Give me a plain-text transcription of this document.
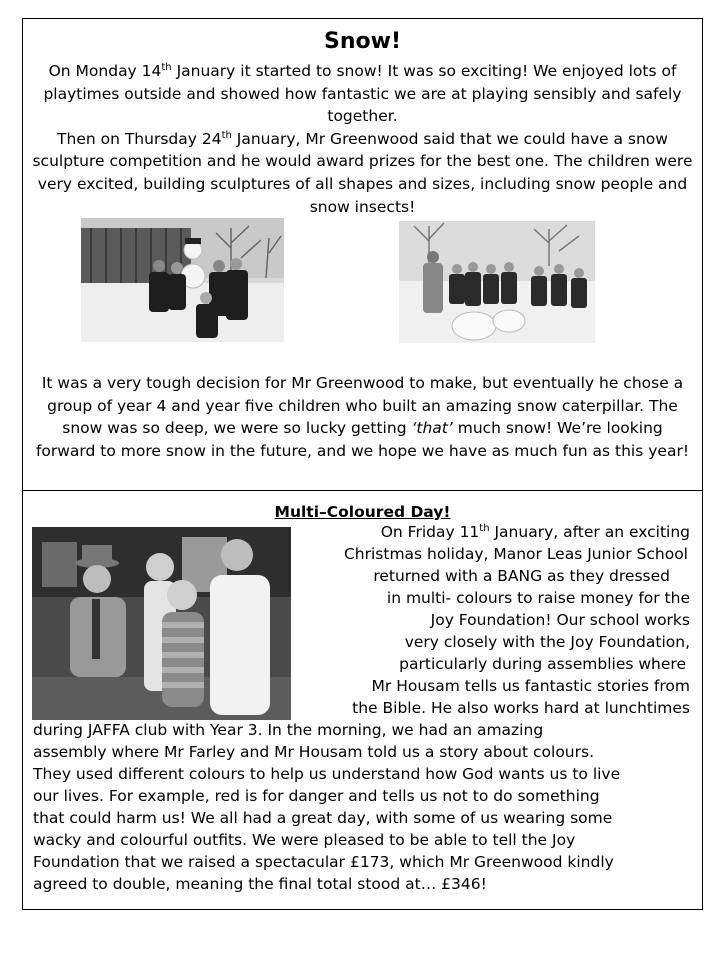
Snow!
On Monday 14th January it started to snow! It was so exciting! We enjoyed lots of playtimes outside and showed how fantastic we are at playing sensibly and safely together.
Then on Thursday 24th January, Mr Greenwood said that we could have a snow sculpture competition and he would award prizes for the best one. The children were very excited, building sculptures of all shapes and sizes, including snow people and snow insects!
It was a very tough decision for Mr Greenwood to make, but eventually he chose a group of year 4 and year five children who built an amazing snow caterpillar. The snow was so deep, we were so lucky getting ‘that’ much snow! We’re looking forward to more snow in the future, and we hope we have as much fun as this year!
Multi–Coloured Day!
On Friday 11th January, after an exciting
Christmas holiday, Manor Leas Junior School
returned with a BANG as they dressed
in multi- colours to raise money for the
Joy Foundation! Our school works
very closely with the Joy Foundation,
particularly during assemblies where
Mr Housam tells us fantastic stories from
the Bible. He also works hard at lunchtimes
during JAFFA club with Year 3. In the morning, we had an amazing
assembly where Mr Farley and Mr Housam told us a story about colours.
They used different colours to help us understand how God wants us to live
our lives. For example, red is for danger and tells us not to do something
that could harm us! We all had a great day, with some of us wearing some
wacky and colourful outfits. We were pleased to be able to tell the Joy
Foundation that we raised a spectacular £173, which Mr Greenwood kindly
agreed to double, meaning the final total stood at… £346!
